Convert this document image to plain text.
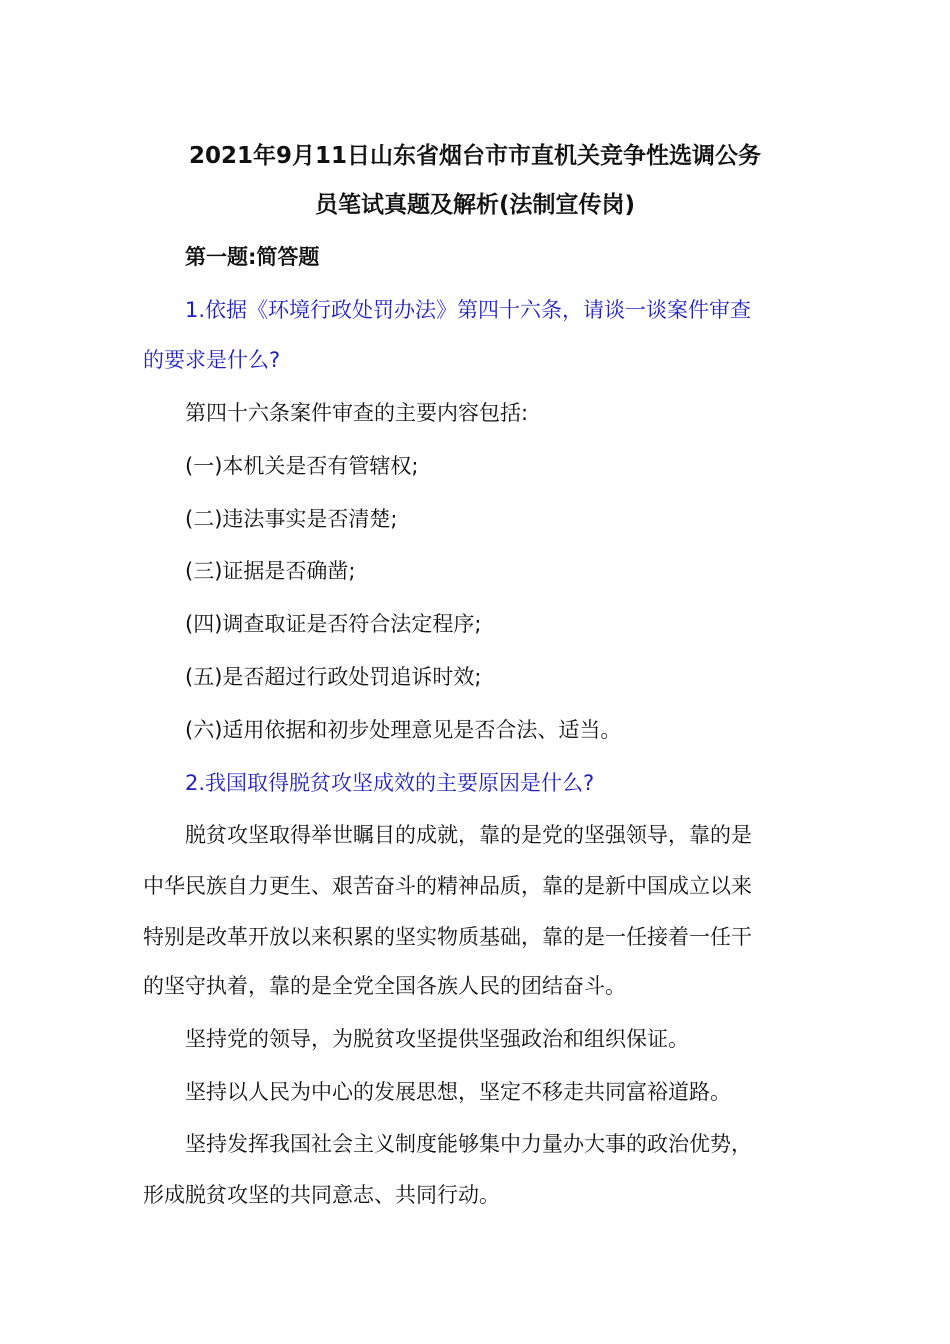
2021年9月11日山东省烟台市市直机关竞争性选调公务
员笔试真题及解析(法制宣传岗)
第一题:简答题
1.依据《环境行政处罚办法》第四十六条，请谈一谈案件审查
的要求是什么?
第四十六条案件审查的主要内容包括:
(一)本机关是否有管辖权;
(二)违法事实是否清楚;
(三)证据是否确凿;
(四)调查取证是否符合法定程序;
(五)是否超过行政处罚追诉时效;
(六)适用依据和初步处理意见是否合法、适当。
2.我国取得脱贫攻坚成效的主要原因是什么?
脱贫攻坚取得举世瞩目的成就，靠的是党的坚强领导，靠的是
中华民族自力更生、艰苦奋斗的精神品质，靠的是新中国成立以来
特别是改革开放以来积累的坚实物质基础，靠的是一任接着一任干
的坚守执着，靠的是全党全国各族人民的团结奋斗。
坚持党的领导，为脱贫攻坚提供坚强政治和组织保证。
坚持以人民为中心的发展思想，坚定不移走共同富裕道路。
坚持发挥我国社会主义制度能够集中力量办大事的政治优势，
形成脱贫攻坚的共同意志、共同行动。
